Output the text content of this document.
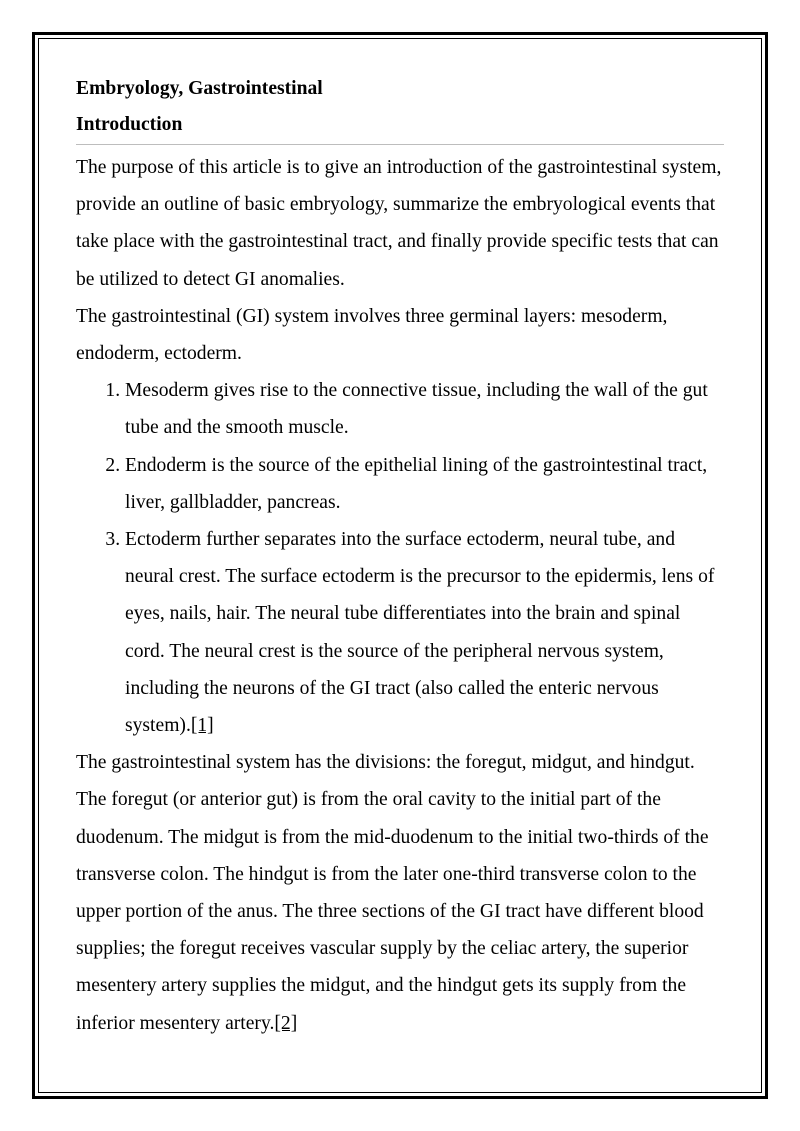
Embryology, Gastrointestinal
Introduction

The purpose of this article is to give an introduction of the gastrointestinal system, provide an outline of basic embryology, summarize the embryological events that take place with the gastrointestinal tract, and finally provide specific tests that can be utilized to detect GI anomalies.

The gastrointestinal (GI) system involves three germinal layers: mesoderm, endoderm, ectoderm.

1. Mesoderm gives rise to the connective tissue, including the wall of the gut tube and the smooth muscle.
2. Endoderm is the source of the epithelial lining of the gastrointestinal tract, liver, gallbladder, pancreas.
3. Ectoderm further separates into the surface ectoderm, neural tube, and neural crest. The surface ectoderm is the precursor to the epidermis, lens of eyes, nails, hair. The neural tube differentiates into the brain and spinal cord. The neural crest is the source of the peripheral nervous system, including the neurons of the GI tract (also called the enteric nervous system).[1]

The gastrointestinal system has the divisions: the foregut, midgut, and hindgut. The foregut (or anterior gut) is from the oral cavity to the initial part of the duodenum. The midgut is from the mid-duodenum to the initial two-thirds of the transverse colon. The hindgut is from the later one-third transverse colon to the upper portion of the anus. The three sections of the GI tract have different blood supplies; the foregut receives vascular supply by the celiac artery, the superior mesentery artery supplies the midgut, and the hindgut gets its supply from the inferior mesentery artery.[2]
